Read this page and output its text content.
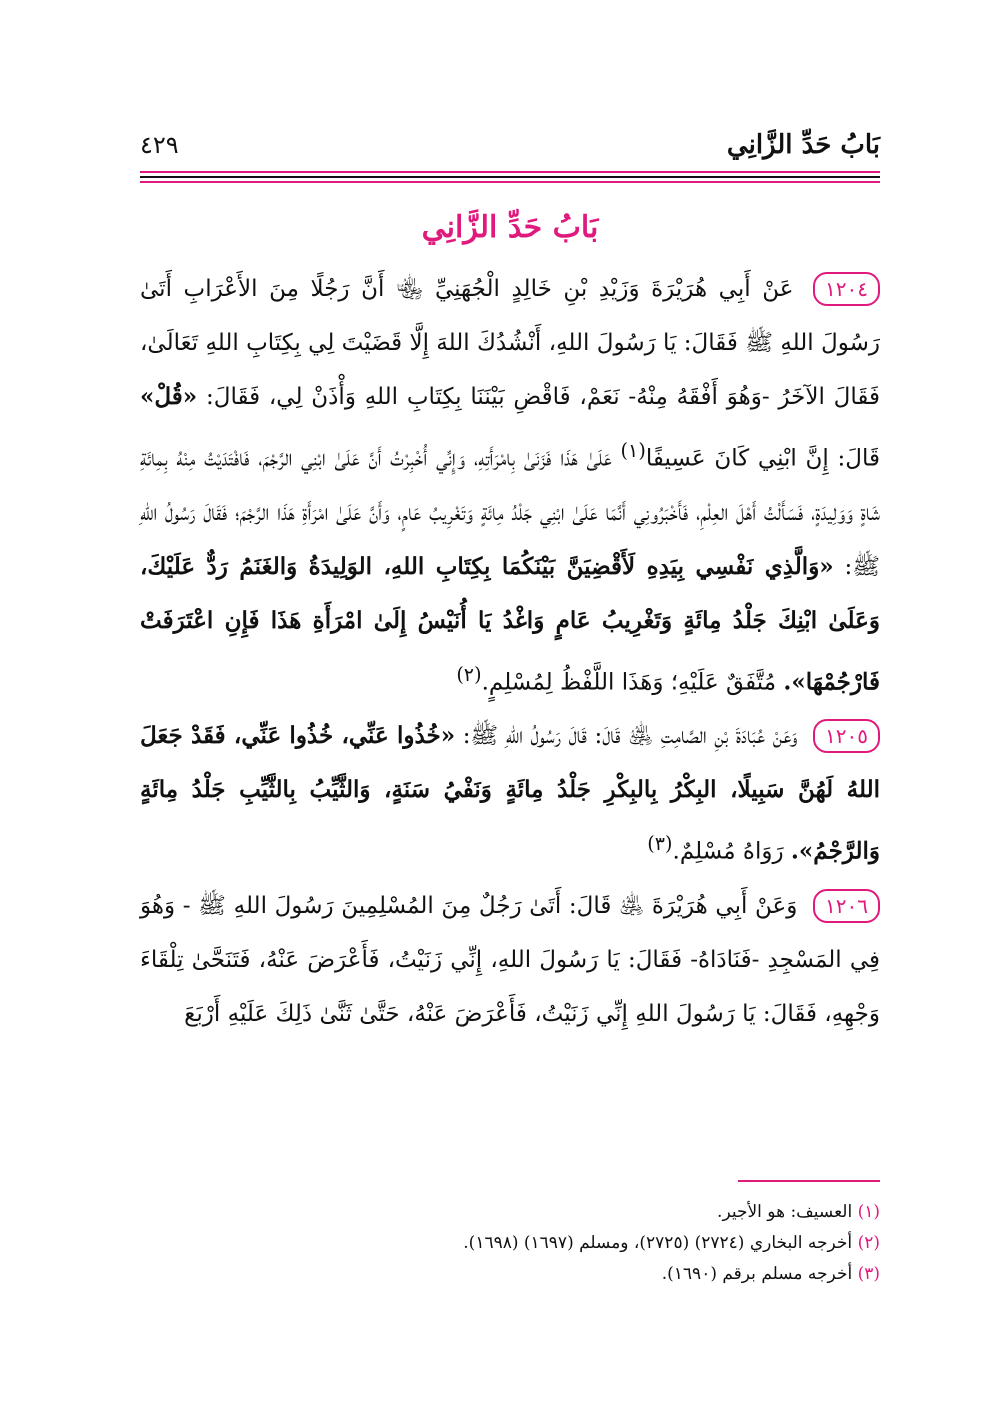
بَابُ حَدِّ الزَّانِي
٤٢٩
بَابُ حَدِّ الزَّانِي

١٢٠٤ عَنْ أَبِي هُرَيْرَةَ وَزَيْدِ بْنِ خَالِدٍ الْجُهَنِيِّ ﵄ أَنَّ رَجُلًا مِنَ الأَعْرَابِ أَتَىٰ رَسُولَ اللهِ ﷺ فَقَالَ: يَا رَسُولَ اللهِ، أَنْشُدُكَ اللهَ إِلَّا قَضَيْتَ لِي بِكِتَابِ اللهِ تَعَالَىٰ، فَقَالَ الآخَرُ -وَهُوَ أَفْقَهُ مِنْهُ- نَعَمْ، فَاقْضِ بَيْنَنَا بِكِتَابِ اللهِ وَأْذَنْ لِي، فَقَالَ: «قُلْ» قَالَ: إِنَّ ابْنِي كَانَ عَسِيفًا$^{(١)}$ عَلَىٰ هَذَا فَزَنَىٰ بِامْرَأَتِهِ، وَإِنِّي أُخْبِرْتُ أَنَّ عَلَىٰ ابْنِي الرَّجْمَ، فَافْتَدَيْتُ مِنْهُ بِمِائَةِ شَاةٍ وَوَلِيدَةٍ، فَسَأَلْتُ أَهْلَ العِلْمِ، فَأَخْبَرُونِي أَنَّمَا عَلَىٰ ابْنِي جَلْدُ مِائَةٍ وَتَغْرِيبُ عَامٍ، وَأَنَّ عَلَىٰ امْرَأَةِ هَذَا الرَّجْمَ؛ فَقَالَ رَسُولُ اللهِ ﷺ: «وَالَّذِي نَفْسِي بِيَدِهِ لَأَقْضِيَنَّ بَيْنَكُمَا بِكِتَابِ اللهِ، الوَلِيدَةُ وَالغَنَمُ رَدٌّ عَلَيْكَ، وَعَلَىٰ ابْنِكَ جَلْدُ مِائَةٍ وَتَغْرِيبُ عَامٍ وَاغْدُ يَا أُنَيْسُ إِلَىٰ امْرَأَةِ هَذَا فَإِنِ اعْتَرَفَتْ فَارْجُمْهَا». مُتَّفَقٌ عَلَيْهِ؛ وَهَذَا اللَّفْظُ لِمُسْلِمٍ.$^{(٢)}$

١٢٠٥ وَعَنْ عُبَادَةَ بْنِ الصَّامِتِ ﵁ قَالَ: قَالَ رَسُولُ اللهِ ﷺ: «خُذُوا عَنِّي، خُذُوا عَنِّي، فَقَدْ جَعَلَ اللهُ لَهُنَّ سَبِيلًا، البِكْرُ بِالبِكْرِ جَلْدُ مِائَةٍ وَنَفْيُ سَنَةٍ، وَالثَّيِّبُ بِالثَّيِّبِ جَلْدُ مِائَةٍ وَالرَّجْمُ». رَوَاهُ مُسْلِمٌ.$^{(٣)}$

١٢٠٦ وَعَنْ أَبِي هُرَيْرَةَ ﵁ قَالَ: أَتَىٰ رَجُلٌ مِنَ المُسْلِمِينَ رَسُولَ اللهِ ﷺ - وَهُوَ فِي المَسْجِدِ -فَنَادَاهُ- فَقَالَ: يَا رَسُولَ اللهِ، إِنِّي زَنَيْتُ، فَأَعْرَضَ عَنْهُ، فَتَنَحَّىٰ تِلْقَاءَ وَجْهِهِ، فَقَالَ: يَا رَسُولَ اللهِ إِنِّي زَنَيْتُ، فَأَعْرَضَ عَنْهُ، حَتَّىٰ ثَنَّىٰ ذَلِكَ عَلَيْهِ أَرْبَعَ

(١) العسيف: هو الأجير.
(٢) أخرجه البخاري (٢٧٢٤) (٢٧٢٥)، ومسلم (١٦٩٧) (١٦٩٨).
(٣) أخرجه مسلم برقم (١٦٩٠).
